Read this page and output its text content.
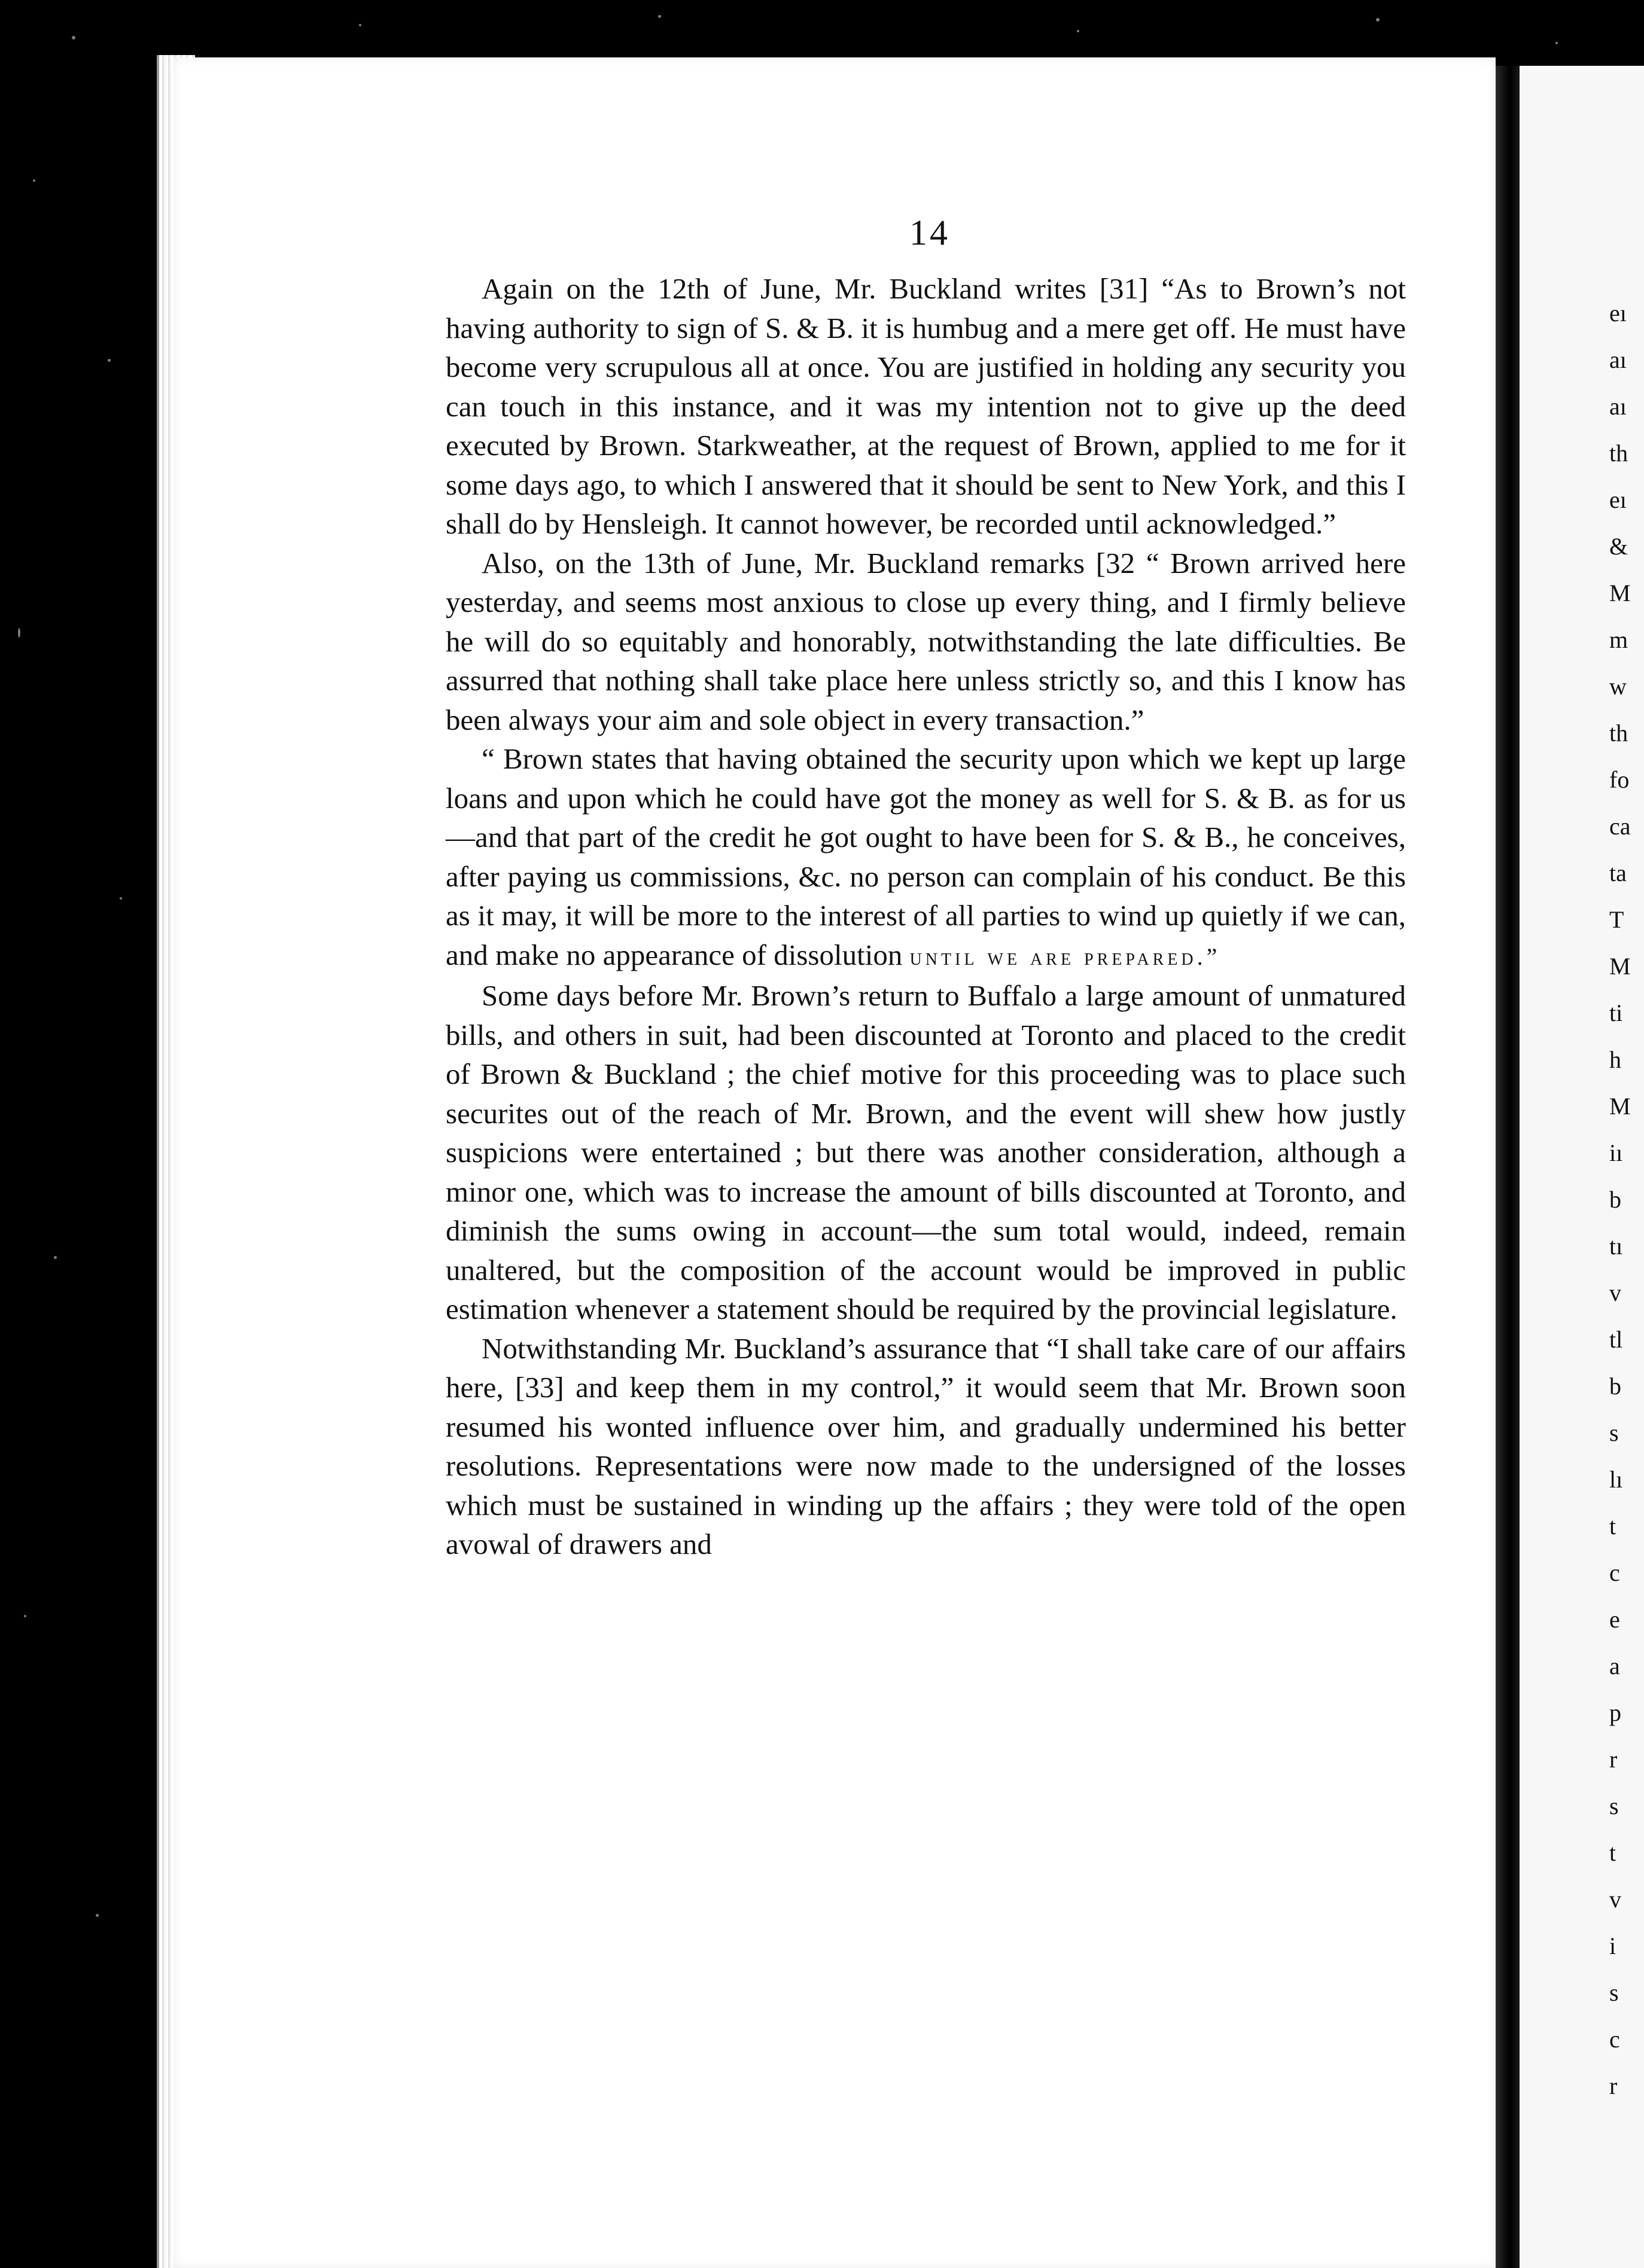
eı
aı
aı
th
eı
&
M
m
w
th
fo
ca
ta
T
M
ti
h
M
iı
b
tı
v
tl
b
s
lı
t
c
e
a
p
r
s
t
v
i
s
c
r
14

Again on the 12th of June, Mr. Buckland writes [31] “As to Brown’s not having authority to sign of S. & B. it is humbug and a mere get off. He must have become very scrupulous all at once. You are justified in holding any security you can touch in this instance, and it was my intention not to give up the deed executed by Brown. Starkweather, at the request of Brown, applied to me for it some days ago, to which I answered that it should be sent to New York, and this I shall do by Hensleigh. It cannot however, be recorded until acknowledged.”

Also, on the 13th of June, Mr. Buckland remarks [32 “ Brown arrived here yesterday, and seems most anxious to close up every thing, and I firmly believe he will do so equitably and honorably, notwithstanding the late difficulties. Be assurred that nothing shall take place here unless strictly so, and this I know has been always your aim and sole object in every transaction.”

“ Brown states that having obtained the security upon which we kept up large loans and upon which he could have got the money as well for S. & B. as for us—and that part of the credit he got ought to have been for S. & B., he conceives, after paying us commissions, &c. no person can complain of his conduct. Be this as it may, it will be more to the interest of all parties to wind up quietly if we can, and make no appearance of dissolution until we are prepared.”

Some days before Mr. Brown’s return to Buffalo a large amount of unmatured bills, and others in suit, had been discounted at Toronto and placed to the credit of Brown & Buckland ; the chief motive for this proceeding was to place such securites out of the reach of Mr. Brown, and the event will shew how justly suspicions were entertained ; but there was another consideration, although a minor one, which was to increase the amount of bills discounted at Toronto, and diminish the sums owing in account—the sum total would, indeed, remain unaltered, but the composition of the account would be improved in public estimation whenever a statement should be required by the provincial legislature.

Notwithstanding Mr. Buckland’s assurance that “I shall take care of our affairs here, [33] and keep them in my control,” it would seem that Mr. Brown soon resumed his wonted influence over him, and gradually undermined his better resolutions. Representations were now made to the undersigned of the losses which must be sustained in winding up the affairs ; they were told of the open avowal of drawers and
